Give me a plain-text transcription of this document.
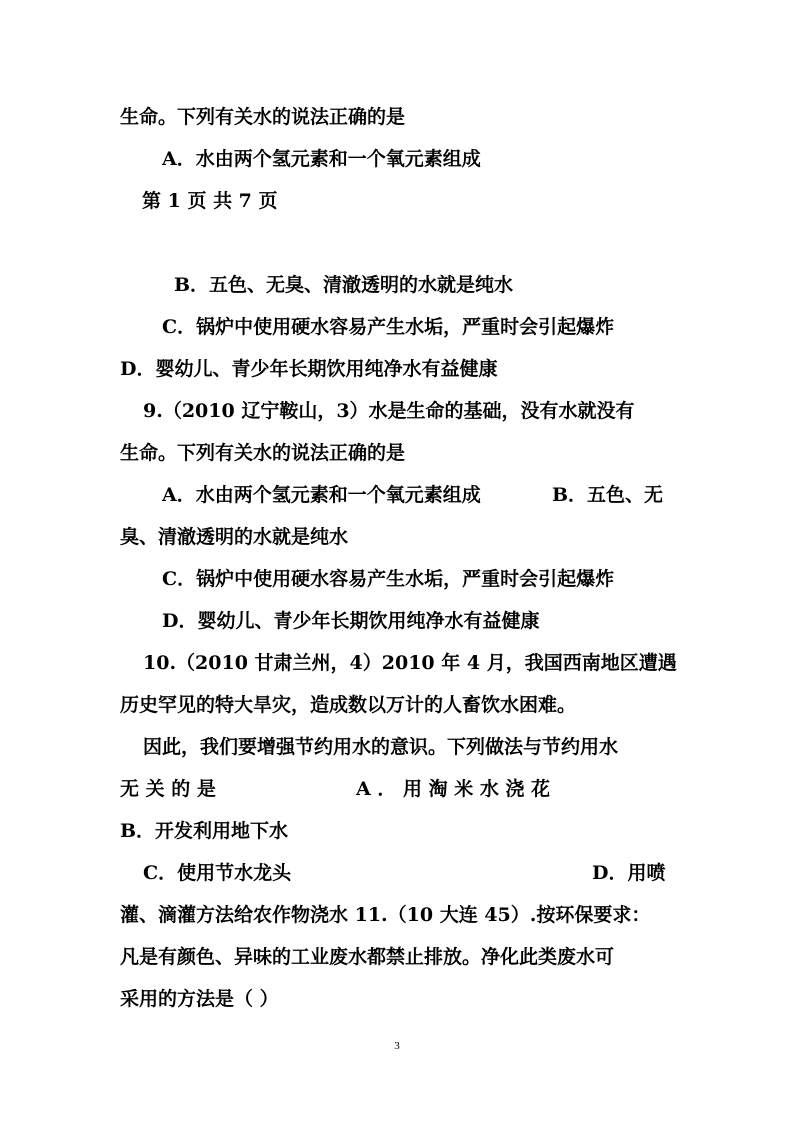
生命。下列有关水的说法正确的是
A．水由两个氢元素和一个氧元素组成
第 1 页 共 7 页
B．五色、无臭、清澈透明的水就是纯水
C．锅炉中使用硬水容易产生水垢，严重时会引起爆炸
D．婴幼儿、青少年长期饮用纯净水有益健康
9.（2010 辽宁鞍山，3）水是生命的基础，没有水就没有
生命。下列有关水的说法正确的是
A．水由两个氢元素和一个氧元素组成	B．五色、无
臭、清澈透明的水就是纯水
C．锅炉中使用硬水容易产生水垢，严重时会引起爆炸
D．婴幼儿、青少年长期饮用纯净水有益健康
10.（2010 甘肃兰州，4）2010 年 4 月，我国西南地区遭遇
历史罕见的特大旱灾，造成数以万计的人畜饮水困难。
因此，我们要增强节约用水的意识。下列做法与节约用水
无 关 的 是	A ． 用 淘 米 水 浇 花
B．开发利用地下水
C．使用节水龙头	D．用喷
灌、滴灌方法给农作物浇水 11.（10 大连 45）.按环保要求：
凡是有颜色、异味的工业废水都禁止排放。净化此类废水可
采用的方法是（ ）
3
